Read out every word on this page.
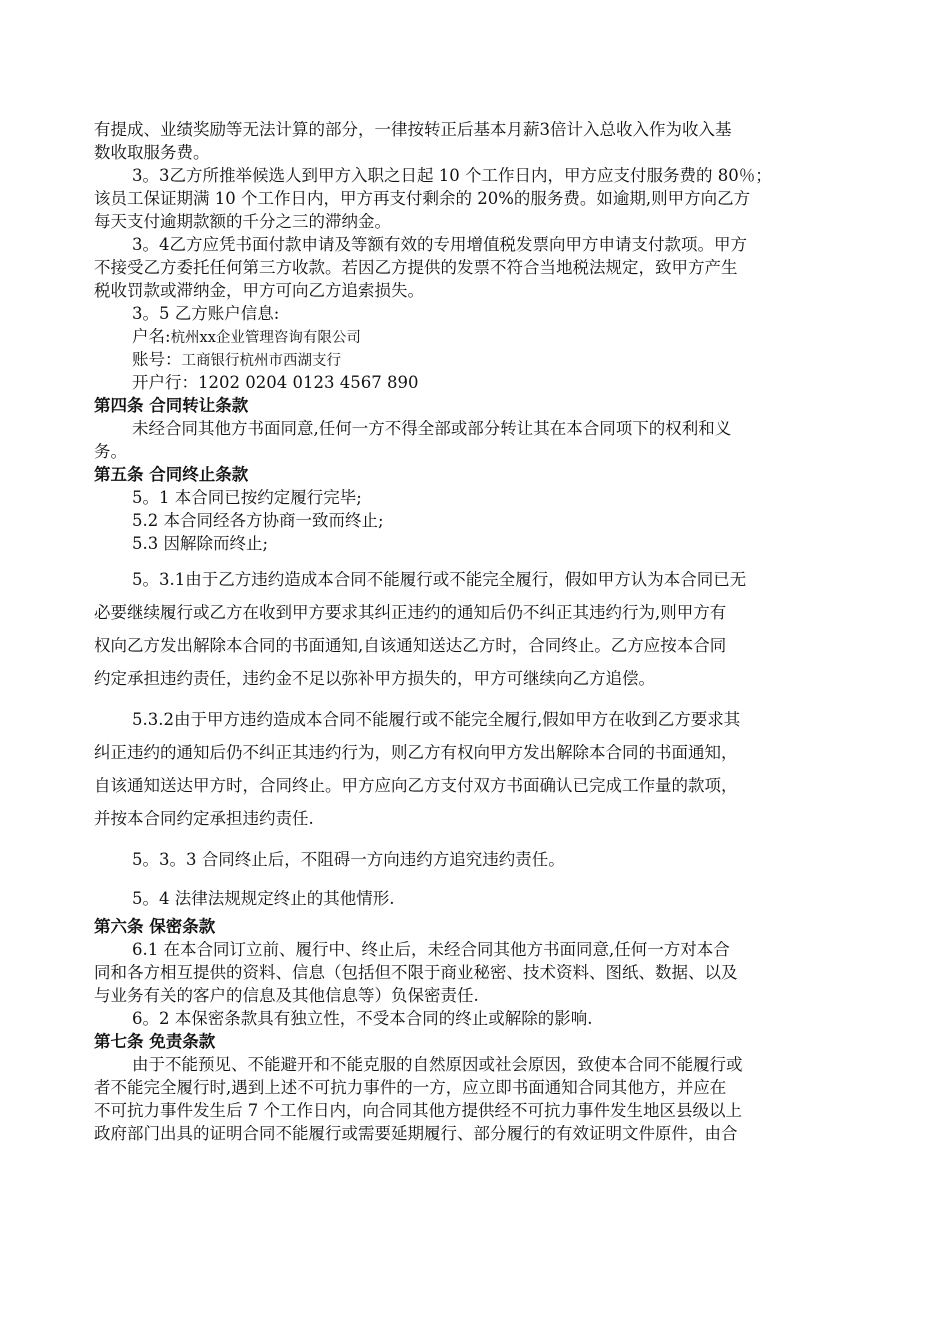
有提成、业绩奖励等无法计算的部分，一律按转正后基本月薪3倍计入总收入作为收入基
数收取服务费。
3。3乙方所推举候选人到甲方入职之日起 10 个工作日内，甲方应支付服务费的 80％；
该员工保证期满 10 个工作日内，甲方再支付剩余的 20%的服务费。如逾期,则甲方向乙方
每天支付逾期款额的千分之三的滞纳金。
3。4乙方应凭书面付款申请及等额有效的专用增值税发票向甲方申请支付款项。甲方
不接受乙方委托任何第三方收款。若因乙方提供的发票不符合当地税法规定，致甲方产生
税收罚款或滞纳金，甲方可向乙方追索损失。
3。5 乙方账户信息:
户名:杭州xx企业管理咨询有限公司
账号：工商银行杭州市西湖支行
开户行：1202 0204 0123 4567 890
第四条 合同转让条款
未经合同其他方书面同意,任何一方不得全部或部分转让其在本合同项下的权利和义
务。
第五条 合同终止条款
5。1 本合同已按约定履行完毕;
5.2 本合同经各方协商一致而终止;
5.3 因解除而终止;
5。3.1由于乙方违约造成本合同不能履行或不能完全履行，假如甲方认为本合同已无
必要继续履行或乙方在收到甲方要求其纠正违约的通知后仍不纠正其违约行为,则甲方有
权向乙方发出解除本合同的书面通知,自该通知送达乙方时，合同终止。乙方应按本合同
约定承担违约责任，违约金不足以弥补甲方损失的，甲方可继续向乙方追偿。
5.3.2由于甲方违约造成本合同不能履行或不能完全履行,假如甲方在收到乙方要求其
纠正违约的通知后仍不纠正其违约行为，则乙方有权向甲方发出解除本合同的书面通知，
自该通知送达甲方时，合同终止。甲方应向乙方支付双方书面确认已完成工作量的款项，
并按本合同约定承担违约责任.
5。3。3 合同终止后，不阻碍一方向违约方追究违约责任。
5。4 法律法规规定终止的其他情形.
第六条 保密条款
6.1 在本合同订立前、履行中、终止后，未经合同其他方书面同意,任何一方对本合
同和各方相互提供的资料、信息（包括但不限于商业秘密、技术资料、图纸、数据、以及
与业务有关的客户的信息及其他信息等）负保密责任.
6。2 本保密条款具有独立性，不受本合同的终止或解除的影响.
第七条 免责条款
由于不能预见、不能避开和不能克服的自然原因或社会原因，致使本合同不能履行或
者不能完全履行时,遇到上述不可抗力事件的一方，应立即书面通知合同其他方，并应在
不可抗力事件发生后 7 个工作日内，向合同其他方提供经不可抗力事件发生地区县级以上
政府部门出具的证明合同不能履行或需要延期履行、部分履行的有效证明文件原件，由合
